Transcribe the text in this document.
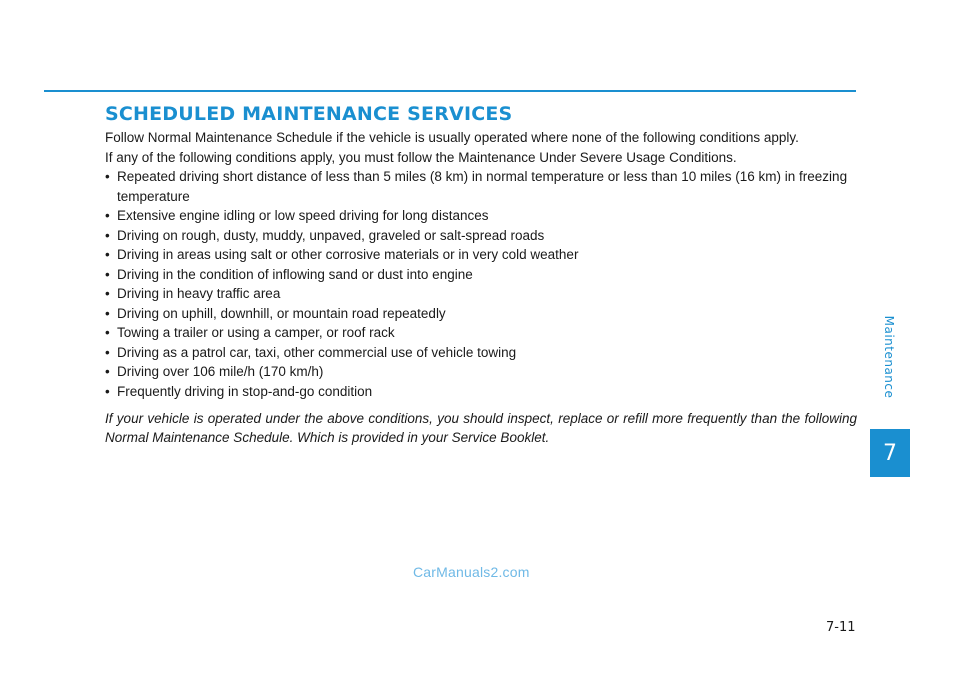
SCHEDULED MAINTENANCE SERVICES

Follow Normal Maintenance Schedule if the vehicle is usually operated where none of the following conditions apply.

If any of the following conditions apply, you must follow the Maintenance Under Severe Usage Conditions.

• Repeated driving short distance of less than 5 miles (8 km) in normal temperature or less than 10 miles (16 km) in freezing temperature
• Extensive engine idling or low speed driving for long distances
• Driving on rough, dusty, muddy, unpaved, graveled or salt-spread roads
• Driving in areas using salt or other corrosive materials or in very cold weather
• Driving in the condition of inflowing sand or dust into engine
• Driving in heavy traffic area
• Driving on uphill, downhill, or mountain road repeatedly
• Towing a trailer or using a camper, or roof rack
• Driving as a patrol car, taxi, other commercial use of vehicle towing
• Driving over 106 mile/h (170 km/h)
• Frequently driving in stop-and-go condition

If your vehicle is operated under the above conditions, you should inspect, replace or refill more frequently than the following Normal Maintenance Schedule. Which is provided in your Service Booklet.

Maintenance
7
CarManuals2.com
7-11
